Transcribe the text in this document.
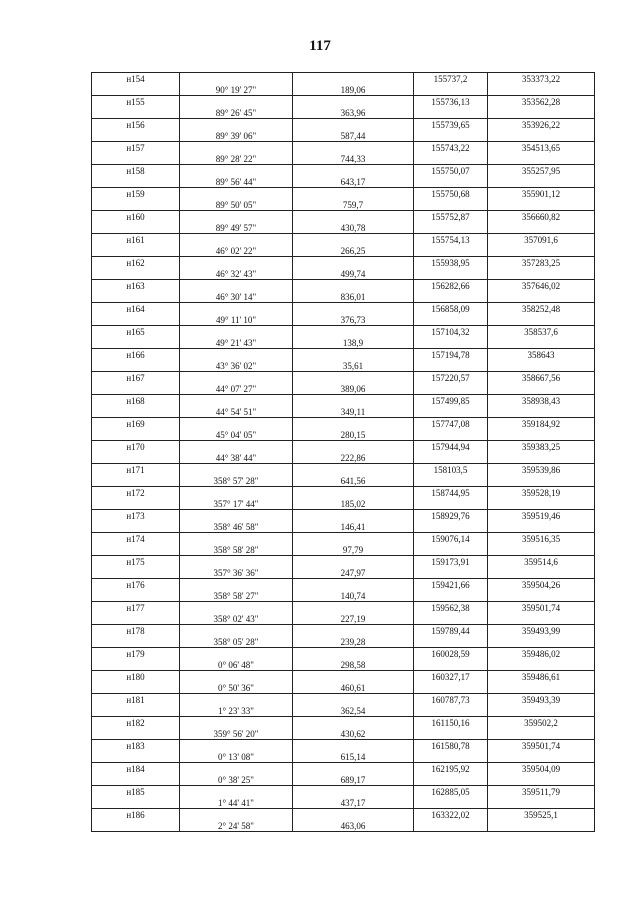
117
н154			155737,2	353373,22
	90° 19' 27"	189,06		
н155			155736,13	353562,28
	89° 26' 45"	363,96		
н156			155739,65	353926,22
	89° 39' 06"	587,44		
н157			155743,22	354513,65
	89° 28' 22"	744,33		
н158			155750,07	355257,95
	89° 56' 44"	643,17		
н159			155750,68	355901,12
	89° 50' 05"	759,7		
н160			155752,87	356660,82
	89° 49' 57"	430,78		
н161			155754,13	357091,6
	46° 02' 22"	266,25		
н162			155938,95	357283,25
	46° 32' 43"	499,74		
н163			156282,66	357646,02
	46° 30' 14"	836,01		
н164			156858,09	358252,48
	49° 11' 10"	376,73		
н165			157104,32	358537,6
	49° 21' 43"	138,9		
н166			157194,78	358643
	43° 36' 02"	35,61		
н167			157220,57	358667,56
	44° 07' 27"	389,06		
н168			157499,85	358938,43
	44° 54' 51"	349,11		
н169			157747,08	359184,92
	45° 04' 05"	280,15		
н170			157944,94	359383,25
	44° 38' 44"	222,86		
н171			158103,5	359539,86
	358° 57' 28"	641,56		
н172			158744,95	359528,19
	357° 17' 44"	185,02		
н173			158929,76	359519,46
	358° 46' 58"	146,41		
н174			159076,14	359516,35
	358° 58' 28"	97,79		
н175			159173,91	359514,6
	357° 36' 36"	247,97		
н176			159421,66	359504,26
	358° 58' 27"	140,74		
н177			159562,38	359501,74
	358° 02' 43"	227,19		
н178			159789,44	359493,99
	358° 05' 28"	239,28		
н179			160028,59	359486,02
	0° 06' 48"	298,58		
н180			160327,17	359486,61
	0° 50' 36"	460,61		
н181			160787,73	359493,39
	1° 23' 33"	362,54		
н182			161150,16	359502,2
	359° 56' 20"	430,62		
н183			161580,78	359501,74
	0° 13' 08"	615,14		
н184			162195,92	359504,09
	0° 38' 25"	689,17		
н185			162885,05	359511,79
	1° 44' 41"	437,17		
н186			163322,02	359525,1
	2° 24' 58"	463,06		
